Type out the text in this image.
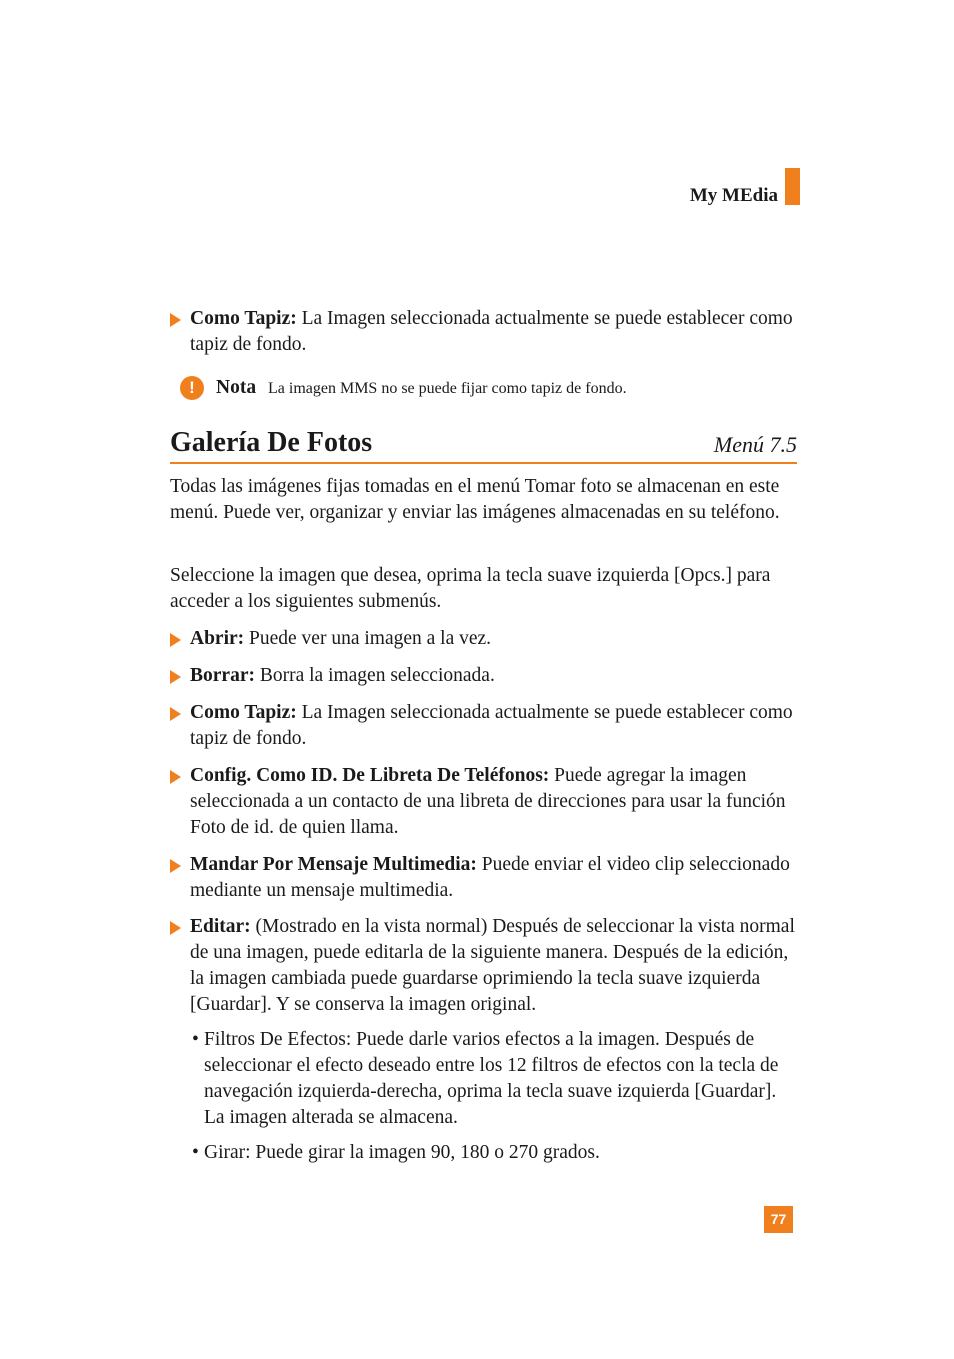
My MEdia
Como Tapiz: La Imagen seleccionada actualmente se puede establecer como tapiz de fondo.
!	Nota La imagen MMS no se puede fijar como tapiz de fondo.
Galería De Fotos	Menú 7.5
Todas las imágenes fijas tomadas en el menú Tomar foto se almacenan en este menú. Puede ver, organizar y enviar las imágenes almacenadas en su teléfono.
Seleccione la imagen que desea, oprima la tecla suave izquierda [Opcs.] para acceder a los siguientes submenús.
Abrir: Puede ver una imagen a la vez.
Borrar: Borra la imagen seleccionada.
Como Tapiz: La Imagen seleccionada actualmente se puede establecer como tapiz de fondo.
Config. Como ID. De Libreta De Teléfonos: Puede agregar la imagen seleccionada a un contacto de una libreta de direcciones para usar la función Foto de id. de quien llama.
Mandar Por Mensaje Multimedia: Puede enviar el video clip seleccionado mediante un mensaje multimedia.
Editar: (Mostrado en la vista normal) Después de seleccionar la vista normal de una imagen, puede editarla de la siguiente manera. Después de la edición, la imagen cambiada puede guardarse oprimiendo la tecla suave izquierda [Guardar]. Y se conserva la imagen original.
• Filtros De Efectos: Puede darle varios efectos a la imagen. Después de seleccionar el efecto deseado entre los 12 filtros de efectos con la tecla de navegación izquierda-derecha, oprima la tecla suave izquierda [Guardar]. La imagen alterada se almacena.
• Girar: Puede girar la imagen 90, 180 o 270 grados.
77
